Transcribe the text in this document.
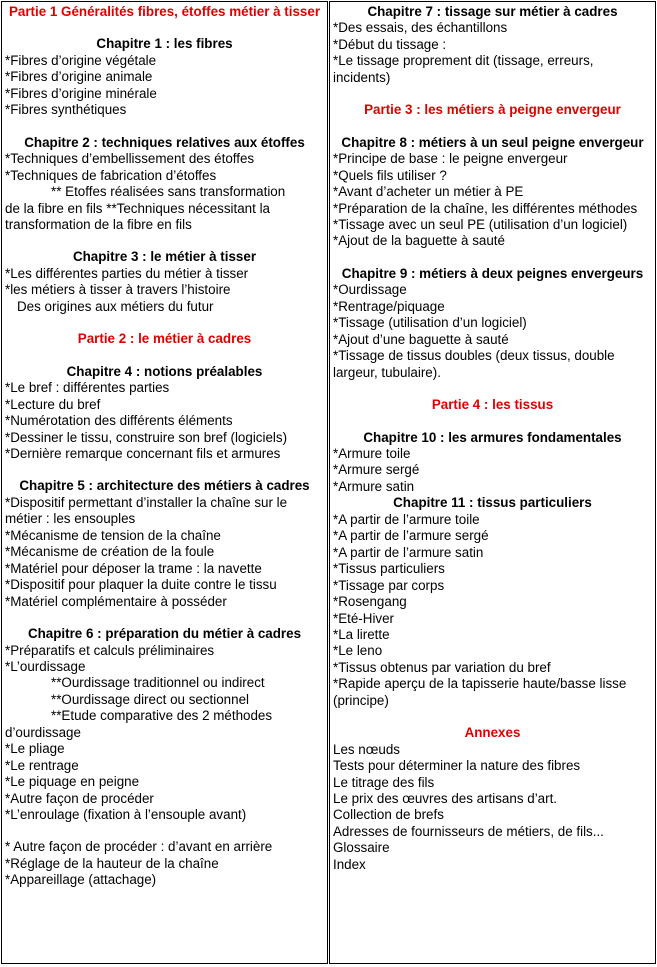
Partie 1 Généralités fibres, étoffes métier à tisser
Chapitre 1 : les fibres
*Fibres d’origine végétale
*Fibres d’origine animale
*Fibres d’origine minérale
*Fibres synthétiques
Chapitre 2 : techniques relatives aux étoffes
*Techniques d’embellissement des étoffes
*Techniques de fabrication d’étoffes
** Etoffes réalisées sans transformation
de la fibre en fils **Techniques nécessitant la transformation de la fibre en fils
Chapitre 3 : le métier à tisser
*Les différentes parties du métier à tisser
*les métiers à tisser à travers l’histoire
Des origines aux métiers du futur
Partie 2 : le métier à cadres
Chapitre 4 : notions préalables
*Le bref : différentes parties
*Lecture du bref
*Numérotation des différents éléments
*Dessiner le tissu, construire son bref (logiciels)
*Dernière remarque concernant fils et armures
Chapitre 5 : architecture des métiers à cadres
*Dispositif permettant d’installer la chaîne sur le métier : les ensouples
*Mécanisme de tension de la chaîne
*Mécanisme de création de la foule
*Matériel pour déposer la trame : la navette
*Dispositif pour plaquer la duite contre le tissu
*Matériel complémentaire à posséder
Chapitre 6 : préparation du métier à cadres
*Préparatifs et calculs préliminaires
*L’ourdissage
**Ourdissage traditionnel ou indirect
**Ourdissage direct ou sectionnel
**Etude comparative des 2 méthodes
d’ourdissage
*Le pliage
*Le rentrage
*Le piquage en peigne
*Autre façon de procéder
*L’enroulage (fixation à l’ensouple avant)
* Autre façon de procéder : d’avant en arrière
*Réglage de la hauteur de la chaîne
*Appareillage (attachage)
Chapitre 7 : tissage sur métier à cadres
*Des essais, des échantillons
*Début du tissage :
*Le tissage proprement dit (tissage, erreurs, incidents)
Partie 3 : les métiers à peigne envergeur
Chapitre 8 : métiers à un seul peigne envergeur
*Principe de base : le peigne envergeur
*Quels fils utiliser ?
*Avant d’acheter un métier à PE
*Préparation de la chaîne, les différentes méthodes
*Tissage avec un seul PE (utilisation d’un logiciel)
*Ajout de la baguette à sauté
Chapitre 9 : métiers à deux peignes envergeurs
*Ourdissage
*Rentrage/piquage
*Tissage (utilisation d’un logiciel)
*Ajout d’une baguette à sauté
*Tissage de tissus doubles (deux tissus, double largeur, tubulaire).
Partie 4 : les tissus
Chapitre 10 : les armures fondamentales
*Armure toile
*Armure sergé
*Armure satin
Chapitre 11 : tissus particuliers
*A partir de l’armure toile
*A partir de l’armure sergé
*A partir de l’armure satin
*Tissus particuliers
*Tissage par corps
*Rosengang
*Eté-Hiver
*La lirette
*Le leno
*Tissus obtenus par variation du bref
*Rapide aperçu de la tapisserie haute/basse lisse (principe)
Annexes
Les nœuds
Tests pour déterminer la nature des fibres
Le titrage des fils
Le prix des œuvres des artisans d’art.
Collection de brefs
Adresses de fournisseurs de métiers, de fils...
Glossaire
Index
